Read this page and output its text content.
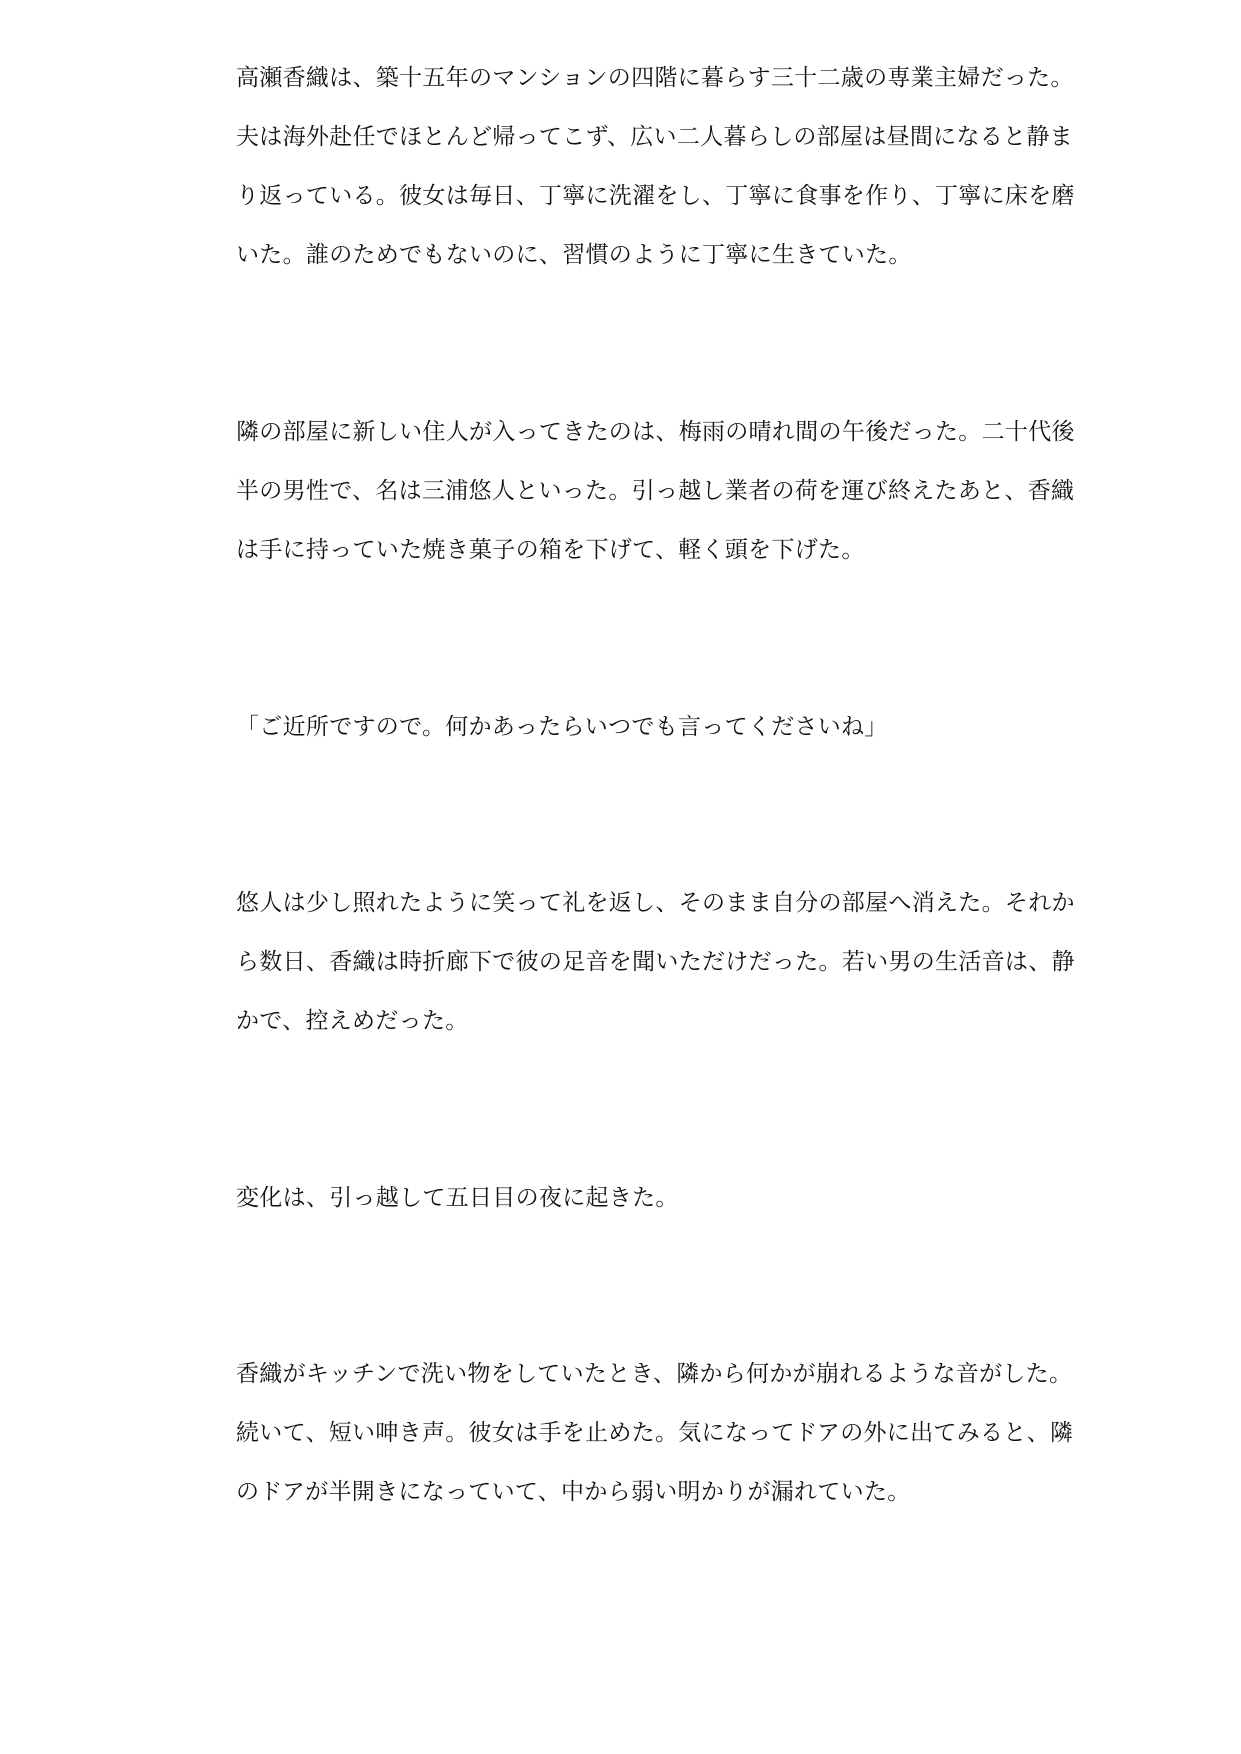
高瀬香織は、築十五年のマンションの四階に暮らす三十二歳の専業主婦だった。
夫は海外赴任でほとんど帰ってこず、広い二人暮らしの部屋は昼間になると静ま
り返っている。彼女は毎日、丁寧に洗濯をし、丁寧に食事を作り、丁寧に床を磨
いた。誰のためでもないのに、習慣のように丁寧に生きていた。
隣の部屋に新しい住人が入ってきたのは、梅雨の晴れ間の午後だった。二十代後
半の男性で、名は三浦悠人といった。引っ越し業者の荷を運び終えたあと、香織
は手に持っていた焼き菓子の箱を下げて、軽く頭を下げた。
「ご近所ですので。何かあったらいつでも言ってくださいね」
悠人は少し照れたように笑って礼を返し、そのまま自分の部屋へ消えた。それか
ら数日、香織は時折廊下で彼の足音を聞いただけだった。若い男の生活音は、静
かで、控えめだった。
変化は、引っ越して五日目の夜に起きた。
香織がキッチンで洗い物をしていたとき、隣から何かが崩れるような音がした。
続いて、短い呻き声。彼女は手を止めた。気になってドアの外に出てみると、隣
のドアが半開きになっていて、中から弱い明かりが漏れていた。
